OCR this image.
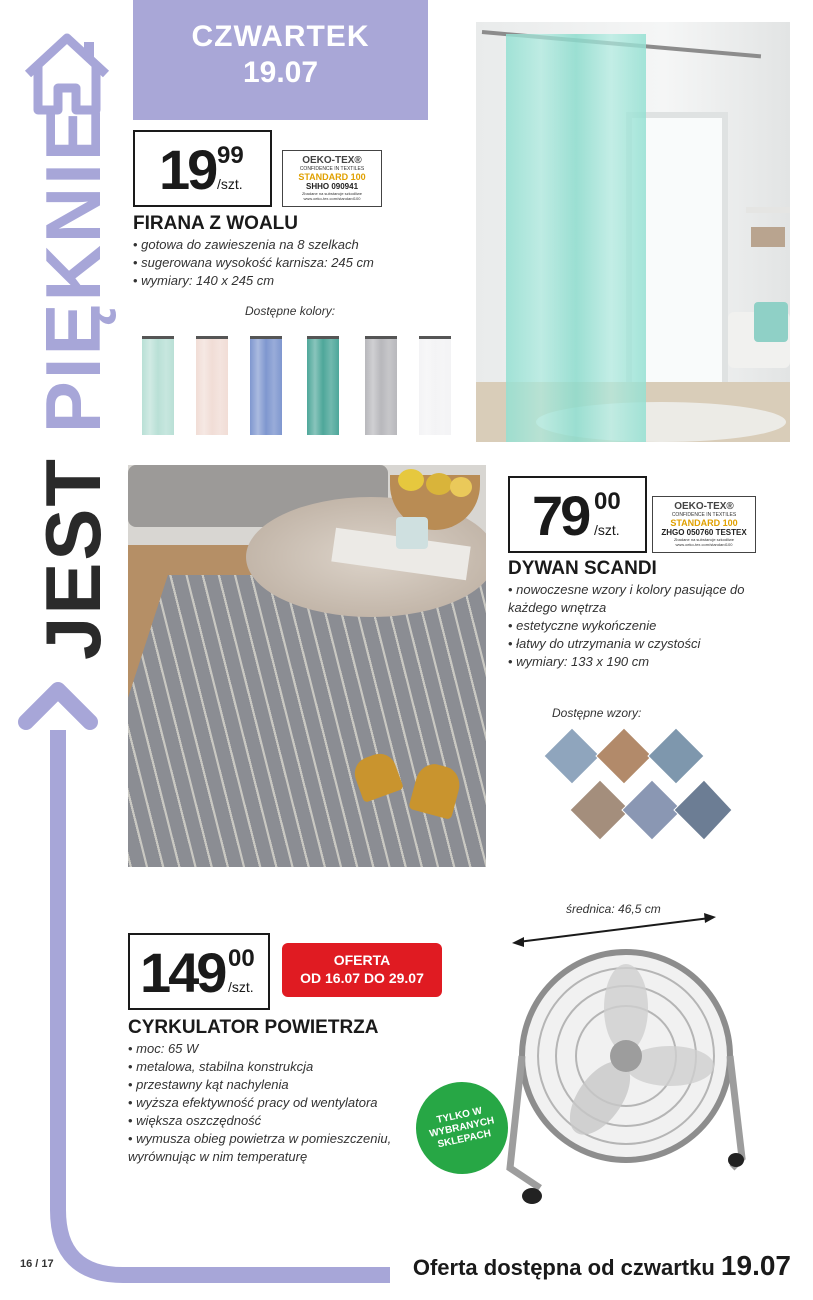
JEST PIĘKNIE
CZWARTEK
19.07
19 99
/szt.
OEKO-TEX®
CONFIDENCE IN TEXTILES
STANDARD 100
SHHO 090941
Zbadane na substancje szkodliwe
www.oeko-tex.com/standard100
FIRANA Z WOALU
• gotowa do zawieszenia na 8 szelkach
• sugerowana wysokość karnisza: 245 cm
• wymiary: 140 x 245 cm
Dostępne kolory:
79 00
/szt.
OEKO-TEX®
CONFIDENCE IN TEXTILES
STANDARD 100
ZHGO 050760 TESTEX
Zbadane na substancje szkodliwe
www.oeko-tex.com/standard100
DYWAN SCANDI
• nowoczesne wzory i kolory pasujące do każdego wnętrza
• estetyczne wykończenie
• łatwy do utrzymania w czystości
• wymiary: 133 x 190 cm
Dostępne wzory:
średnica: 46,5 cm
149 00
/szt.
OFERTA
OD 16.07 DO 29.07
CYRKULATOR POWIETRZA
• moc: 65 W
• metalowa, stabilna konstrukcja
• przestawny kąt nachylenia
• wyższa efektywność pracy od wentylatora
• większa oszczędność
• wymusza obieg powietrza w pomieszczeniu, wyrównując w nim temperaturę
TYLKO W WYBRANYCH SKLEPACH
16 / 17	Oferta dostępna od czwartku 19.07
